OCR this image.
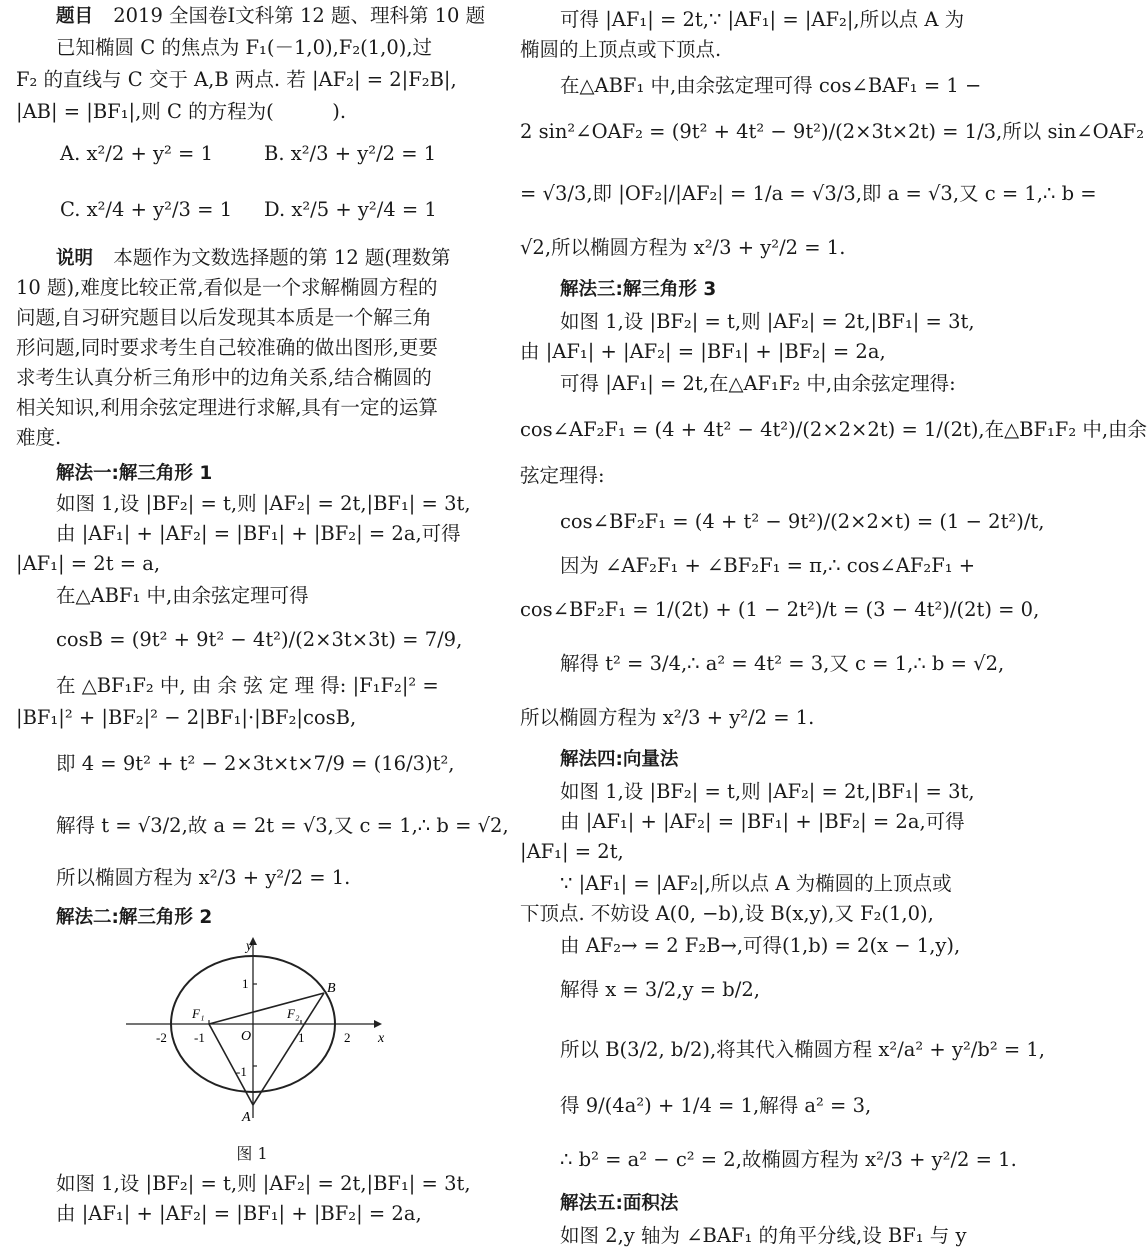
题目 2019 全国卷Ⅰ文科第 12 题、理科第 10 题
已知椭圆 C 的焦点为 F₁(－1,0),F₂(1,0),过
F₂ 的直线与 C 交于 A,B 两点. 若 |AF₂| = 2|F₂B|,
|AB| = |BF₁|,则 C 的方程为(　　　).
A. x²/2 + y² = 1	B. x²/3 + y²/2 = 1
C. x²/4 + y²/3 = 1 D. x²/5 + y²/4 = 1
说明 本题作为文数选择题的第 12 题(理数第
10 题),难度比较正常,看似是一个求解椭圆方程的
问题,自习研究题目以后发现其本质是一个解三角
形问题,同时要求考生自己较准确的做出图形,更要
求考生认真分析三角形中的边角关系,结合椭圆的
相关知识,利用余弦定理进行求解,具有一定的运算
难度.
解法一:解三角形 1
如图 1,设 |BF₂| = t,则 |AF₂| = 2t,|BF₁| = 3t,
由 |AF₁| + |AF₂| = |BF₁| + |BF₂| = 2a,可得
|AF₁| = 2t = a,
在△ABF₁ 中,由余弦定理可得
cosB = (9t² + 9t² − 4t²)/(2×3t×3t) = 7/9,
在 △BF₁F₂ 中, 由 余 弦 定 理 得: |F₁F₂|² =
|BF₁|² + |BF₂|² − 2|BF₁|·|BF₂|cosB,
即 4 = 9t² + t² − 2×3t×t×7/9 = (16/3)t²,
解得 t = √3/2,故 a = 2t = √3,又 c = 1,∴ b = √2,
所以椭圆方程为 x²/3 + y²/2 = 1.
解法二:解三角形 2
y
x
O
-2 -1	1	2
1
-1
F₁	F₂
A
B
图 1
如图 1,设 |BF₂| = t,则 |AF₂| = 2t,|BF₁| = 3t,
由 |AF₁| + |AF₂| = |BF₁| + |BF₂| = 2a,
可得 |AF₁| = 2t,∵ |AF₁| = |AF₂|,所以点 A 为
椭圆的上顶点或下顶点.
在△ABF₁ 中,由余弦定理可得 cos∠BAF₁ = 1 −
2 sin²∠OAF₂ = (9t² + 4t² − 9t²)/(2×3t×2t) = 1/3,所以 sin∠OAF₂
= √3/3,即 |OF₂|/|AF₂| = 1/a = √3/3,即 a = √3,又 c = 1,∴ b =
√2,所以椭圆方程为 x²/3 + y²/2 = 1.
解法三:解三角形 3
如图 1,设 |BF₂| = t,则 |AF₂| = 2t,|BF₁| = 3t,
由 |AF₁| + |AF₂| = |BF₁| + |BF₂| = 2a,
可得 |AF₁| = 2t,在△AF₁F₂ 中,由余弦定理得:
cos∠AF₂F₁ = (4 + 4t² − 4t²)/(2×2×2t) = 1/(2t),在△BF₁F₂ 中,由余
弦定理得:
cos∠BF₂F₁ = (4 + t² − 9t²)/(2×2×t) = (1 − 2t²)/t,
因为 ∠AF₂F₁ + ∠BF₂F₁ = π,∴ cos∠AF₂F₁ +
cos∠BF₂F₁ = 1/(2t) + (1 − 2t²)/t = (3 − 4t²)/(2t) = 0,
解得 t² = 3/4,∴ a² = 4t² = 3,又 c = 1,∴ b = √2,
所以椭圆方程为 x²/3 + y²/2 = 1.
解法四:向量法
如图 1,设 |BF₂| = t,则 |AF₂| = 2t,|BF₁| = 3t,
由 |AF₁| + |AF₂| = |BF₁| + |BF₂| = 2a,可得
|AF₁| = 2t,
∵ |AF₁| = |AF₂|,所以点 A 为椭圆的上顶点或
下顶点. 不妨设 A(0, −b),设 B(x,y),又 F₂(1,0),
由 AF₂→ = 2 F₂B→,可得(1,b) = 2(x − 1,y),
解得 x = 3/2,y = b/2,
所以 B(3/2, b/2),将其代入椭圆方程 x²/a² + y²/b² = 1,
得 9/(4a²) + 1/4 = 1,解得 a² = 3,
∴ b² = a² − c² = 2,故椭圆方程为 x²/3 + y²/2 = 1.
解法五:面积法
如图 2,y 轴为 ∠BAF₁ 的角平分线,设 BF₁ 与 y
